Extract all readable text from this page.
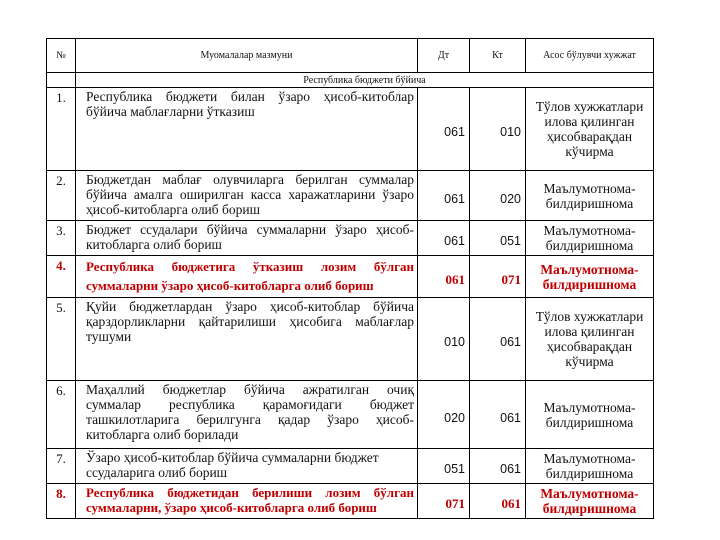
№	Муомалалар мазмуни	Дт	Кт	Асос бўлувчи хужжат
	Республика бюджети бўйича			
1.	Республика бюджети билан ўзаро ҳисоб-китоблар бўйича маблағларни ўтказиш	061	010	Тўлов хужжатлари илова қилинган ҳисобварақдан кўчирма
2.	Бюджетдан маблағ олувчиларга берилган суммалар бўйича амалга оширилган касса харажатларини ўзаро ҳисоб-китобларга олиб бориш	061	020	Маълумотнома-билдиришнома
3.	Бюджет ссудалари бўйича суммаларни ўзаро ҳисоб-китобларга олиб бориш	061	051	Маълумотнома-билдиришнома
4.	Республика бюджетига ўтказиш лозим бўлган суммаларни ўзаро ҳисоб-китобларга олиб бориш	061	071	Маълумотнома-билдиришнома
5.	Қуйи бюджетлардан ўзаро ҳисоб-китоблар бўйича қарздорликларни қайтарилиши ҳисобига маблағлар тушуми	010	061	Тўлов хужжатлари илова қилинган ҳисобварақдан кўчирма
6.	Маҳаллий бюджетлар бўйича ажратилган очиқ суммалар республика қарамоғидаги бюджет ташкилотларига берилгунга қадар ўзаро ҳисоб-китобларга олиб борилади	020	061	Маълумотнома-билдиришнома
7.	Ўзаро ҳисоб-китоблар бўйича суммаларни бюджет ссудаларига олиб бориш	051	061	Маълумотнома-билдиришнома
8.	Республика бюджетидан берилиши лозим бўлган суммаларни, ўзаро ҳисоб-китобларга олиб бориш	071	061	Маълумотнома-билдиришнома
